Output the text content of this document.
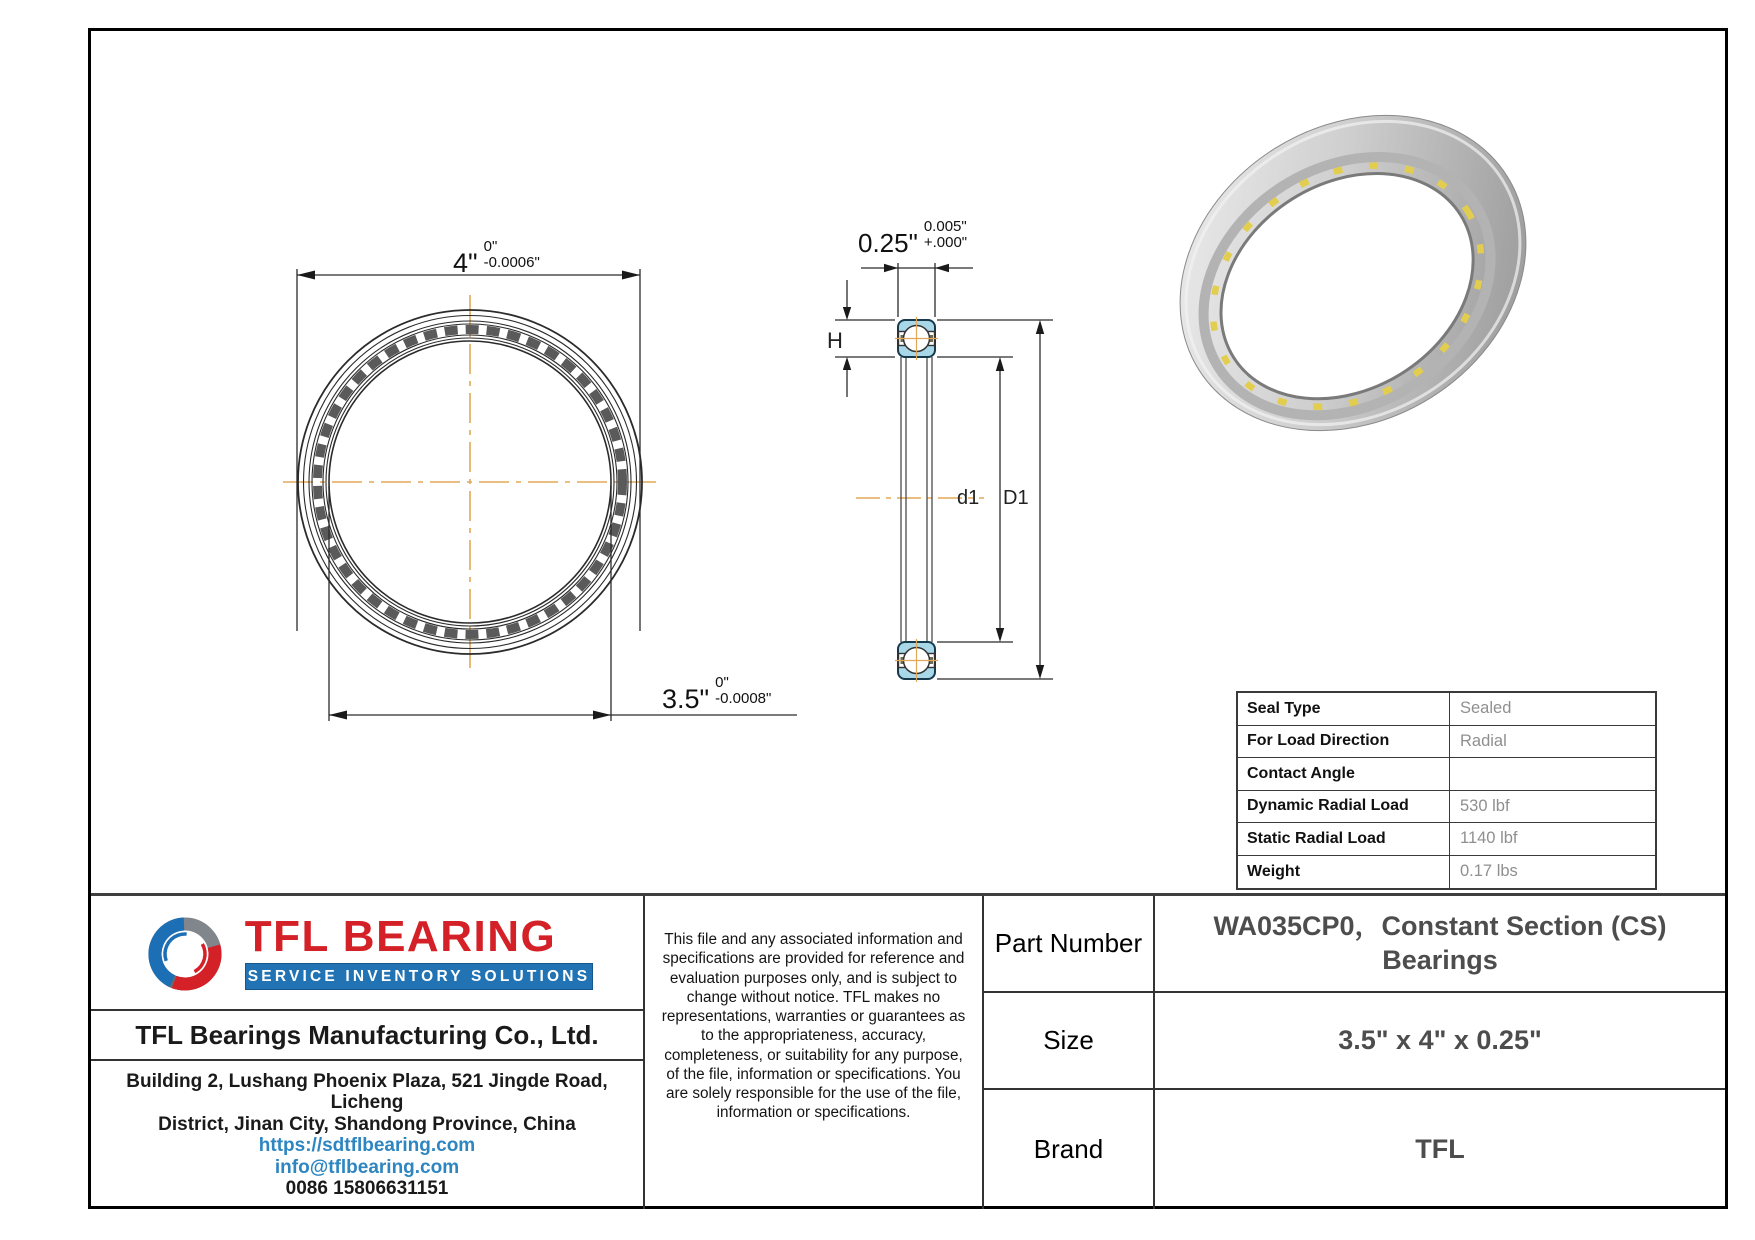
4"
0"
-0.0006"
3.5"
0"
-0.0008"
0.25"
0.005"
+.000"
H
d1 D1
Seal Type	Sealed
For Load Direction	Radial
Contact Angle
Dynamic Radial Load	530 lbf
Static Radial Load	1140 lbf
Weight	0.17 lbs
TFL BEARING
SERVICE INVENTORY SOLUTIONS
TFL Bearings Manufacturing Co., Ltd.
Building 2, Lushang Phoenix Plaza, 521 Jingde Road, Licheng
District, Jinan City, Shandong Province, China
https://sdtflbearing.com
info@tflbearing.com
0086 15806631151
This file and any associated information and specifications are provided for reference and evaluation purposes only, and is subject to change without notice. TFL makes no representations, warranties or guarantees as to the appropriateness, accuracy, completeness, or suitability for any purpose, of the file, information or specifications. You are solely responsible for the use of the file, information or specifications.
Part Number
WA035CP0，Constant Section (CS) Bearings
Size	3.5" x 4" x 0.25"
Brand	TFL
